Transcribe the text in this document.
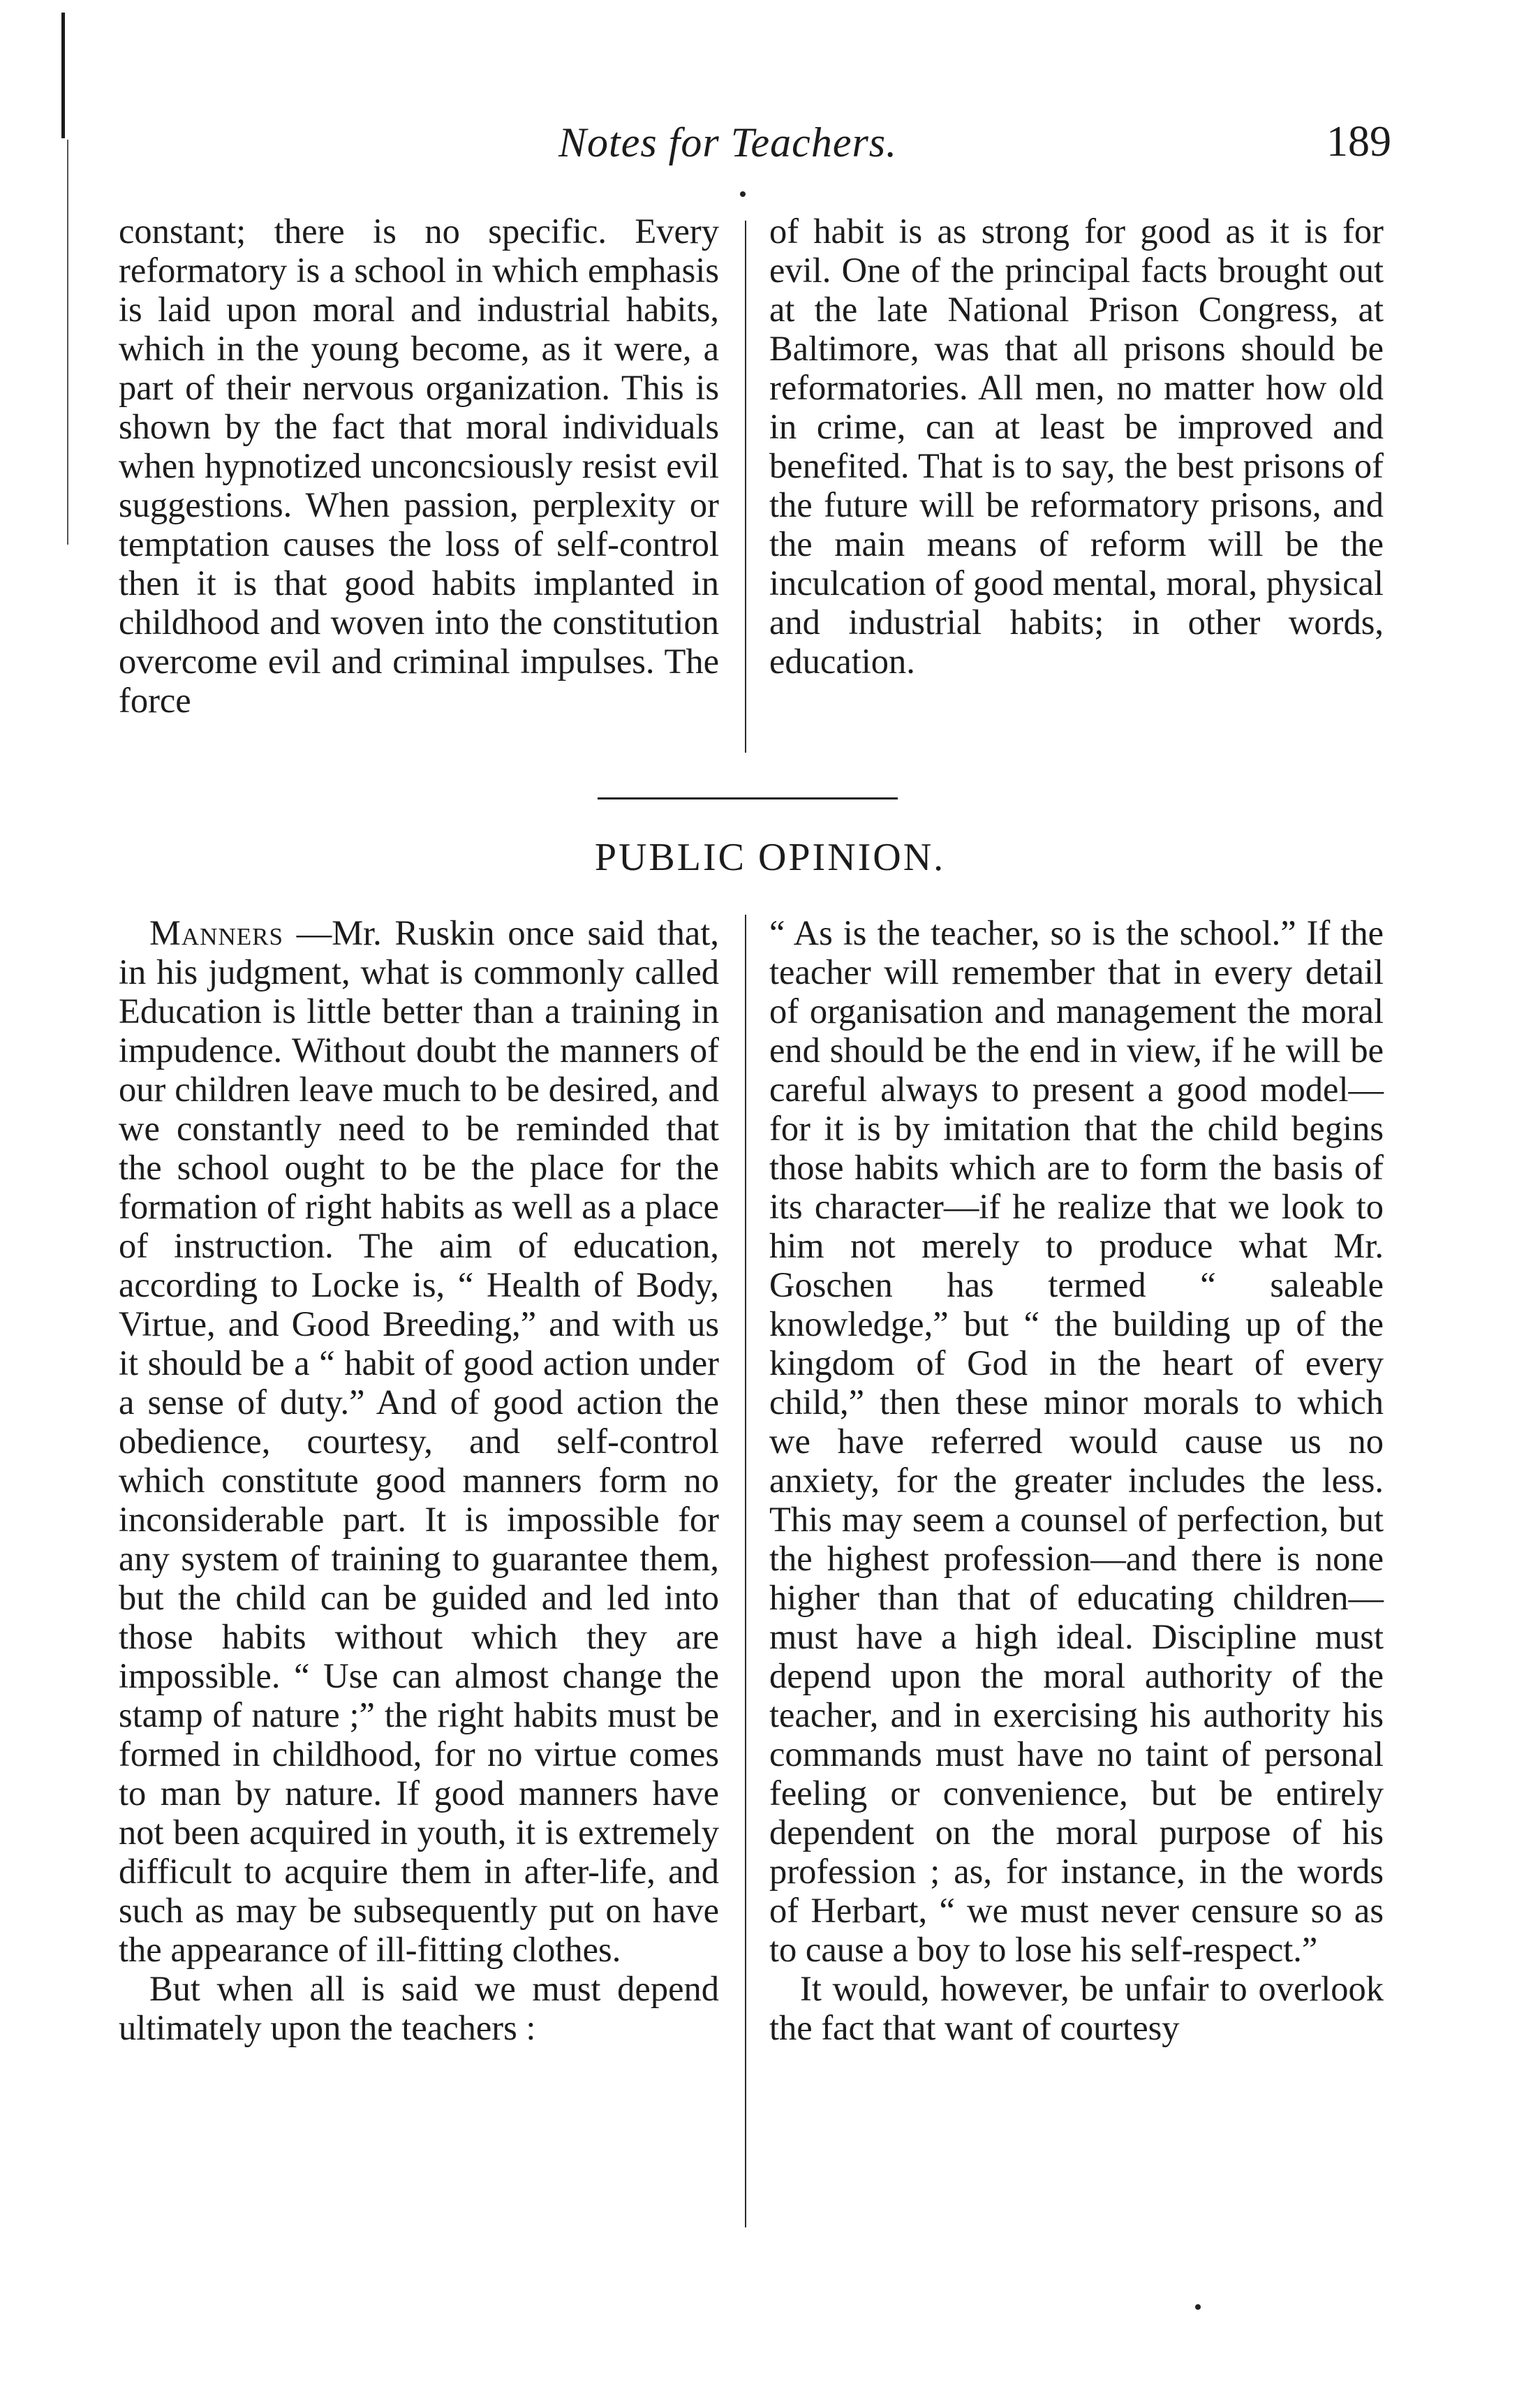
Notes for Teachers.	189

constant; there is no specific. Every reformatory is a school in which emphasis is laid upon moral and industrial habits, which in the young become, as it were, a part of their nervous organization. This is shown by the fact that moral individuals when hypnotized unconcsiously resist evil suggestions. When passion, perplexity or temptation causes the loss of self-control then it is that good habits implanted in childhood and woven into the constitution overcome evil and criminal impulses. The force

of habit is as strong for good as it is for evil. One of the principal facts brought out at the late National Prison Congress, at Baltimore, was that all prisons should be reformatories. All men, no matter how old in crime, can at least be improved and benefited. That is to say, the best prisons of the future will be reformatory prisons, and the main means of reform will be the inculcation of good mental, moral, physical and industrial habits; in other words, education.

PUBLIC OPINION.

Manners —Mr. Ruskin once said that, in his judgment, what is commonly called Education is little better than a training in impudence. Without doubt the manners of our children leave much to be desired, and we constantly need to be reminded that the school ought to be the place for the formation of right habits as well as a place of instruction. The aim of education, according to Locke is, “ Health of Body, Virtue, and Good Breeding,” and with us it should be a “ habit of good action under a sense of duty.” And of good action the obedience, courtesy, and self-control which constitute good manners form no inconsiderable part. It is impossible for any system of training to guarantee them, but the child can be guided and led into those habits without which they are impossible. “ Use can almost change the stamp of nature ;” the right habits must be formed in childhood, for no virtue comes to man by nature. If good manners have not been acquired in youth, it is extremely difficult to acquire them in after-life, and such as may be subsequently put on have the appearance of ill-fitting clothes.

But when all is said we must depend ultimately upon the teachers :

“ As is the teacher, so is the school.” If the teacher will remember that in every detail of organisation and management the moral end should be the end in view, if he will be careful always to present a good model—for it is by imitation that the child begins those habits which are to form the basis of its character—if he realize that we look to him not merely to produce what Mr. Goschen has termed “ saleable knowledge,” but “ the building up of the kingdom of God in the heart of every child,” then these minor morals to which we have referred would cause us no anxiety, for the greater includes the less. This may seem a counsel of perfection, but the highest profession—and there is none higher than that of educating children—must have a high ideal. Discipline must depend upon the moral authority of the teacher, and in exercising his authority his commands must have no taint of personal feeling or convenience, but be entirely dependent on the moral purpose of his profession ; as, for instance, in the words of Herbart, “ we must never censure so as to cause a boy to lose his self-respect.”

It would, however, be unfair to overlook the fact that want of courtesy
